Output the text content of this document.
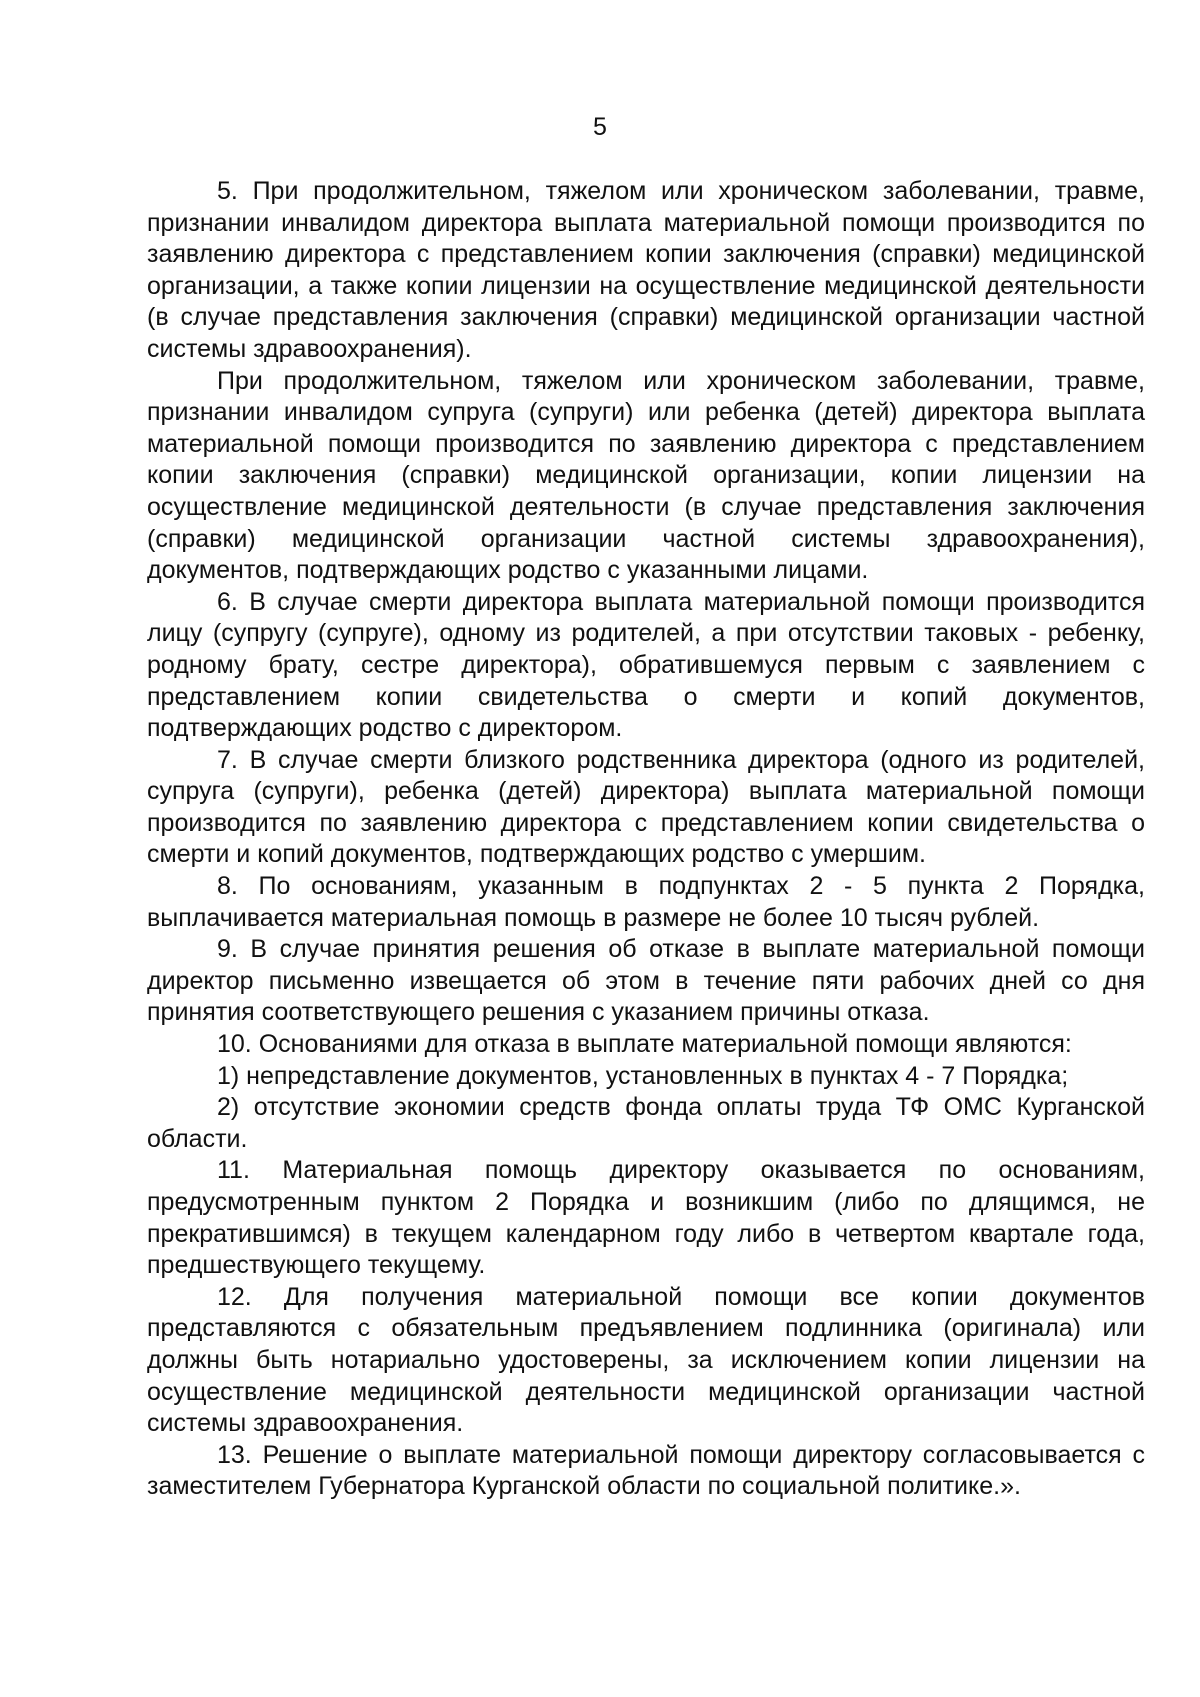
5

5. При продолжительном, тяжелом или хроническом заболевании, травме, признании инвалидом директора выплата материальной помощи производится по заявлению директора с представлением копии заключения (справки) медицинской организации, а также копии лицензии на осуществление медицинской деятельности (в случае представления заключения (справки) медицинской организации частной системы здравоохранения).

При продолжительном, тяжелом или хроническом заболевании, травме, признании инвалидом супруга (супруги) или ребенка (детей) директора выплата материальной помощи производится по заявлению директора с представлением копии заключения (справки) медицинской организации, копии лицензии на осуществление медицинской деятельности (в случае представления заключения (справки) медицинской организации частной системы здравоохранения), документов, подтверждающих родство с указанными лицами.

6. В случае смерти директора выплата материальной помощи производится лицу (супругу (супруге), одному из родителей, а при отсутствии таковых - ребенку, родному брату, сестре директора), обратившемуся первым с заявлением с представлением копии свидетельства о смерти и копий документов, подтверждающих родство с директором.

7. В случае смерти близкого родственника директора (одного из родителей, супруга (супруги), ребенка (детей) директора) выплата материальной помощи производится по заявлению директора с представлением копии свидетельства о смерти и копий документов, подтверждающих родство с умершим.

8. По основаниям, указанным в подпунктах 2 - 5 пункта 2 Порядка, выплачивается материальная помощь в размере не более 10 тысяч рублей.

9. В случае принятия решения об отказе в выплате материальной помощи директор письменно извещается об этом в течение пяти рабочих дней со дня принятия соответствующего решения с указанием причины отказа.

10. Основаниями для отказа в выплате материальной помощи являются:

1) непредставление документов, установленных в пунктах 4 - 7 Порядка;

2) отсутствие экономии средств фонда оплаты труда ТФ ОМС Курганской области.

11. Материальная помощь директору оказывается по основаниям, предусмотренным пунктом 2 Порядка и возникшим (либо по длящимся, не прекратившимся) в текущем календарном году либо в четвертом квартале года, предшествующего текущему.

12. Для получения материальной помощи все копии документов представляются с обязательным предъявлением подлинника (оригинала) или должны быть нотариально удостоверены, за исключением копии лицензии на осуществление медицинской деятельности медицинской организации частной системы здравоохранения.

13. Решение о выплате материальной помощи директору согласовывается с заместителем Губернатора Курганской области по социальной политике.».
